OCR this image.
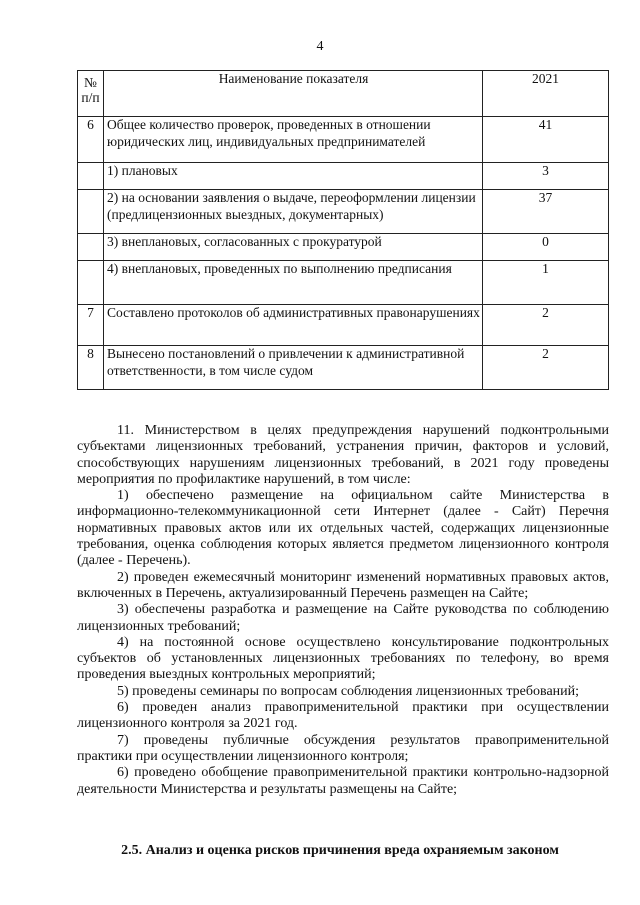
4
№ п/п	Наименование показателя	2021
6	Общее количество проверок, проведенных в отношении юридических лиц, индивидуальных предпринимателей	41
	1) плановых	3
	2) на основании заявления о выдаче, переоформлении лицензии (предлицензионных выездных, документарных)	37
	3) внеплановых, согласованных с прокуратурой	0
	4) внеплановых, проведенных по выполнению предписания	1
7	Составлено протоколов об административных правонарушениях	2
8	Вынесено постановлений о привлечении к административной ответственности, в том числе судом	2

11. Министерством в целях предупреждения нарушений подконтрольными субъектами лицензионных требований, устранения причин, факторов и условий, способствующих нарушениям лицензионных требований, в 2021 году проведены мероприятия по профилактике нарушений, в том числе:

1) обеспечено размещение на официальном сайте Министерства в информационно-телекоммуникационной сети Интернет (далее - Сайт) Перечня нормативных правовых актов или их отдельных частей, содержащих лицензионные требования, оценка соблюдения которых является предметом лицензионного контроля (далее - Перечень).

2) проведен ежемесячный мониторинг изменений нормативных правовых актов, включенных в Перечень, актуализированный Перечень размещен на Сайте;

3) обеспечены разработка и размещение на Сайте руководства по соблюдению лицензионных требований;

4) на постоянной основе осуществлено консультирование подконтрольных субъектов об установленных лицензионных требованиях по телефону, во время проведения выездных контрольных мероприятий;

5) проведены семинары по вопросам соблюдения лицензионных требований;

6) проведен анализ правоприменительной практики при осуществлении лицензионного контроля за 2021 год.

7) проведены публичные обсуждения результатов правоприменительной практики при осуществлении лицензионного контроля;

6) проведено обобщение правоприменительной практики контрольно-надзорной деятельности Министерства и результаты размещены на Сайте;

2.5. Анализ и оценка рисков причинения вреда охраняемым законом
